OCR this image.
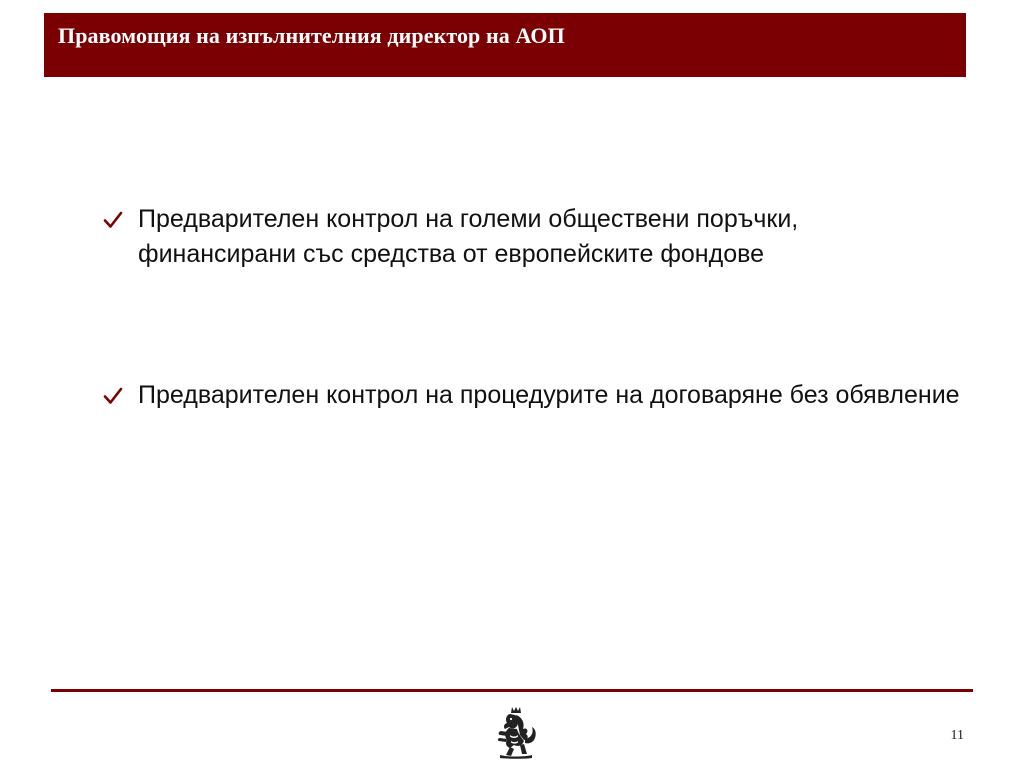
Правомощия на изпълнителния директор на АОП
Предварителен контрол на големи обществени поръчки, финансирани със средства от европейските фондове
Предварителен контрол на процедурите на договаряне без обявление
11
